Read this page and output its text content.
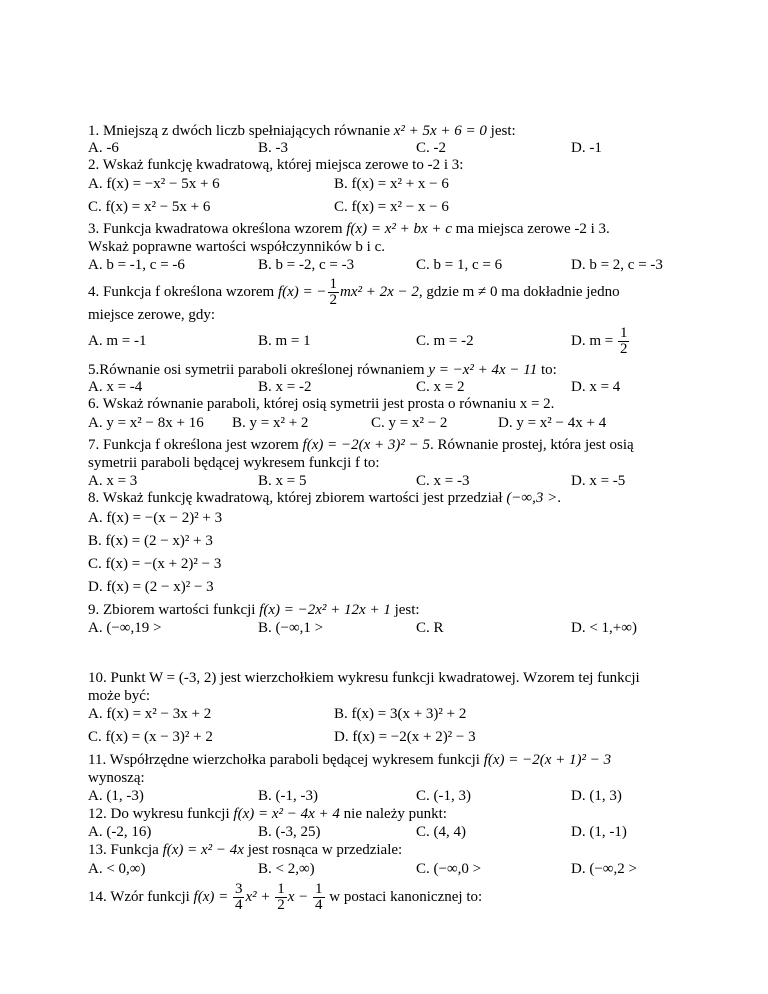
1. Mniejszą z dwóch liczb spełniających równanie x² + 5x + 6 = 0 jest:
A. -6	B. -3	C. -2	D. -1
2. Wskaż funkcję kwadratową, której miejsca zerowe to -2 i 3:
A. f(x) = −x² − 5x + 6	B. f(x) = x² + x − 6
C. f(x) = x² − 5x + 6	C. f(x) = x² − x − 6
3. Funkcja kwadratowa określona wzorem f(x) = x² + bx + c ma miejsca zerowe -2 i 3.
Wskaż poprawne wartości współczynników b i c.
A. b = -1, c = -6	B. b = -2, c = -3	C. b = 1, c = 6	D. b = 2, c = -3
4. Funkcja f określona wzorem f(x) = − $\frac{1}{2} mx^2 + 2x - 2$, gdzie m ≠ 0 ma dokładnie jedno
miejsce zerowe, gdy:
A. m = -1	B. m = 1	C. m = -2	D. $m = \frac{1}{2}$
5.Równanie osi symetrii paraboli określonej równaniem y = −x² + 4x − 11 to:
A. x = -4	B. x = -2	C. x = 2	D. x = 4
6. Wskaż równanie paraboli, której osią symetrii jest prosta o równaniu x = 2.
A. y = x² − 8x + 16 B. y = x² + 2	C. y = x² − 2	D. y = x² − 4x + 4
7. Funkcja f określona jest wzorem f(x) = −2(x + 3)² − 5. Równanie prostej, która jest osią
symetrii paraboli będącej wykresem funkcji f to:
A. x = 3	B. x = 5	C. x = -3	D. x = -5
8. Wskaż funkcję kwadratową, której zbiorem wartości jest przedział (−∞,3 >.
A. f(x) = −(x − 2)² + 3
B. f(x) = (2 − x)² + 3
C. f(x) = −(x + 2)² − 3
D. f(x) = (2 − x)² − 3
9. Zbiorem wartości funkcji f(x) = −2x² + 12x + 1 jest:
A. (−∞,19 >	B. (−∞,1 >	C. R	D. < 1,+∞)
10. Punkt W = (-3, 2) jest wierzchołkiem wykresu funkcji kwadratowej. Wzorem tej funkcji
może być:
A. f(x) = x² − 3x + 2	B. f(x) = 3(x + 3)² + 2
C. f(x) = (x − 3)² + 2	D. f(x) = −2(x + 2)² − 3
11. Współrzędne wierzchołka paraboli będącej wykresem funkcji f(x) = −2(x + 1)² − 3
wynoszą:
A. (1, -3)	B. (-1, -3)	C. (-1, 3)	D. (1, 3)
12. Do wykresu funkcji f(x) = x² − 4x + 4 nie należy punkt:
A. (-2, 16)	B. (-3, 25)	C. (4, 4)	D. (1, -1)
13. Funkcja f(x) = x² − 4x jest rosnąca w przedziale:
A. < 0,∞)	B. < 2,∞)	C. (−∞,0 >	D. (−∞,2 >
14. Wzór funkcji $f(x) = \frac{3}{4} x^2 + \frac{1}{2}$ $x - \frac{1}{4}$ w postaci kanonicznej to:
